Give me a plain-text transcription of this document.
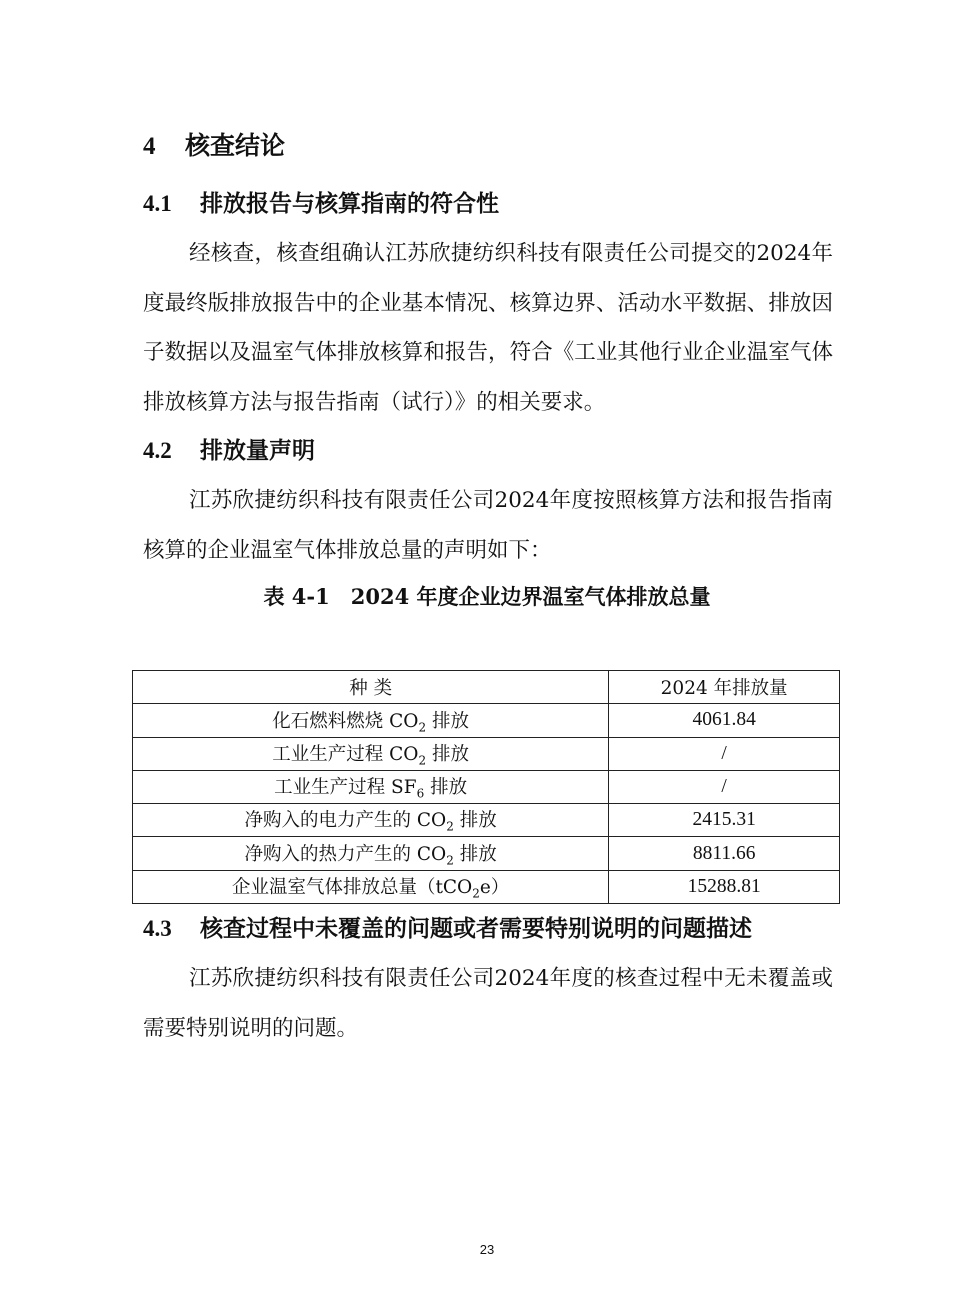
4 核查结论
4.1 排放报告与核算指南的符合性

经核查，核查组确认江苏欣捷纺织科技有限责任公司提交的2024年度最终版排放报告中的企业基本情况、核算边界、活动水平数据、排放因子数据以及温室气体排放核算和报告，符合《工业其他行业企业温室气体排放核算方法与报告指南（试行）》的相关要求。

4.2 排放量声明

江苏欣捷纺织科技有限责任公司2024年度按照核算方法和报告指南核算的企业温室气体排放总量的声明如下：

表 4-1　2024 年度企业边界温室气体排放总量
种 类	2024 年排放量
化石燃料燃烧 $CO_2$ 排放	4061.84
工业生产过程 $CO_2$ 排放	/
工业生产过程 $SF_6$ 排放	/
净购入的电力产生的 $CO_2$ 排放	2415.31
净购入的热力产生的 $CO_2$ 排放	8811.66
企业温室气体排放总量（tCO$_2$e）	15288.81
4.3 核查过程中未覆盖的问题或者需要特别说明的问题描述

江苏欣捷纺织科技有限责任公司2024年度的核查过程中无未覆盖或需要特别说明的问题。

23
